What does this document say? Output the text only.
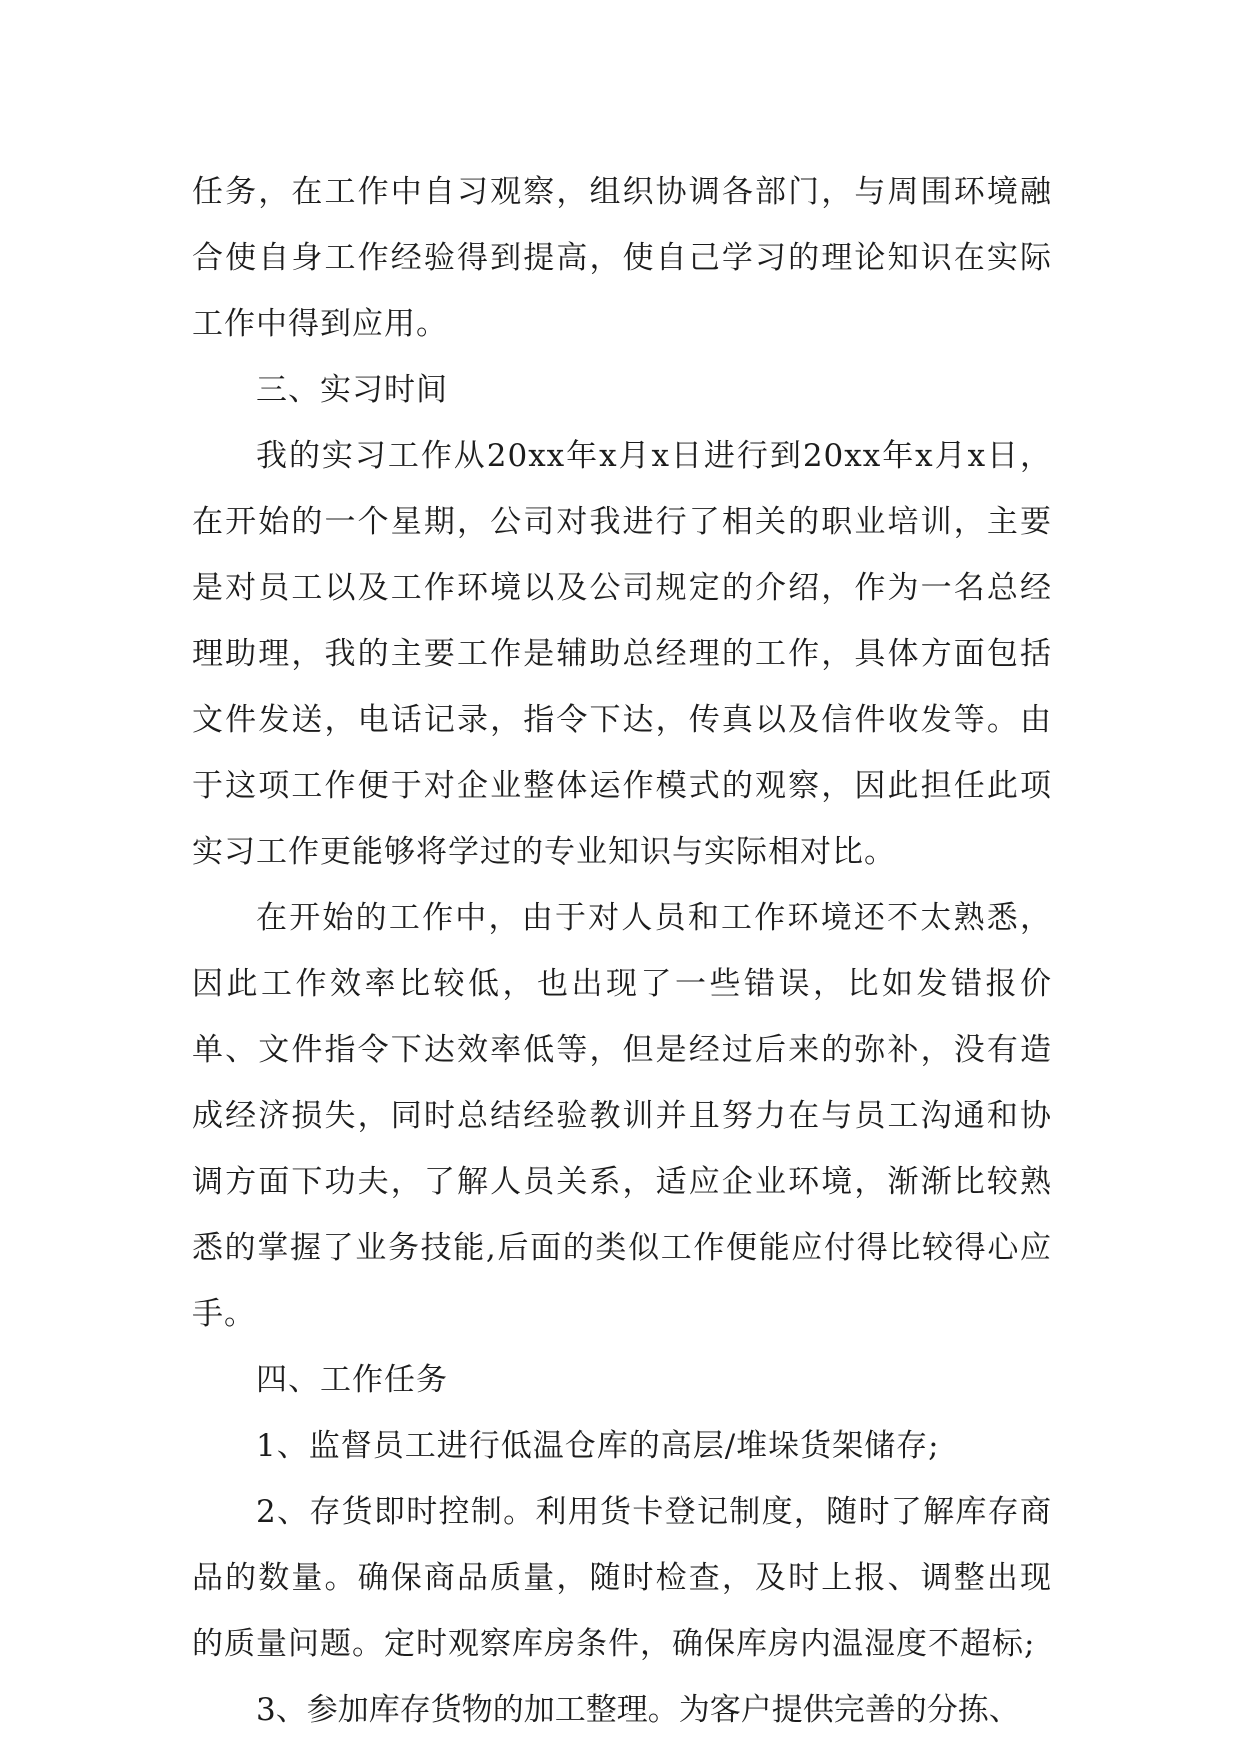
任务，在工作中自习观察，组织协调各部门，与周围环境融合使自身工作经验得到提高，使自己学习的理论知识在实际工作中得到应用。

三、实习时间

我的实习工作从20xx年x月x日进行到20xx年x月x日，在开始的一个星期，公司对我进行了相关的职业培训，主要是对员工以及工作环境以及公司规定的介绍，作为一名总经理助理，我的主要工作是辅助总经理的工作，具体方面包括文件发送，电话记录，指令下达，传真以及信件收发等。由于这项工作便于对企业整体运作模式的观察，因此担任此项实习工作更能够将学过的专业知识与实际相对比。

在开始的工作中，由于对人员和工作环境还不太熟悉，因此工作效率比较低，也出现了一些错误，比如发错报价单、文件指令下达效率低等，但是经过后来的弥补，没有造成经济损失，同时总结经验教训并且努力在与员工沟通和协调方面下功夫，了解人员关系，适应企业环境，渐渐比较熟悉的掌握了业务技能,后面的类似工作便能应付得比较得心应手。

四、工作任务

1、监督员工进行低温仓库的高层/堆垛货架储存;

2、存货即时控制。利用货卡登记制度，随时了解库存商品的数量。确保商品质量，随时检查，及时上报、调整出现的质量问题。定时观察库房条件，确保库房内温湿度不超标;

3、参加库存货物的加工整理。为客户提供完善的分拣、
